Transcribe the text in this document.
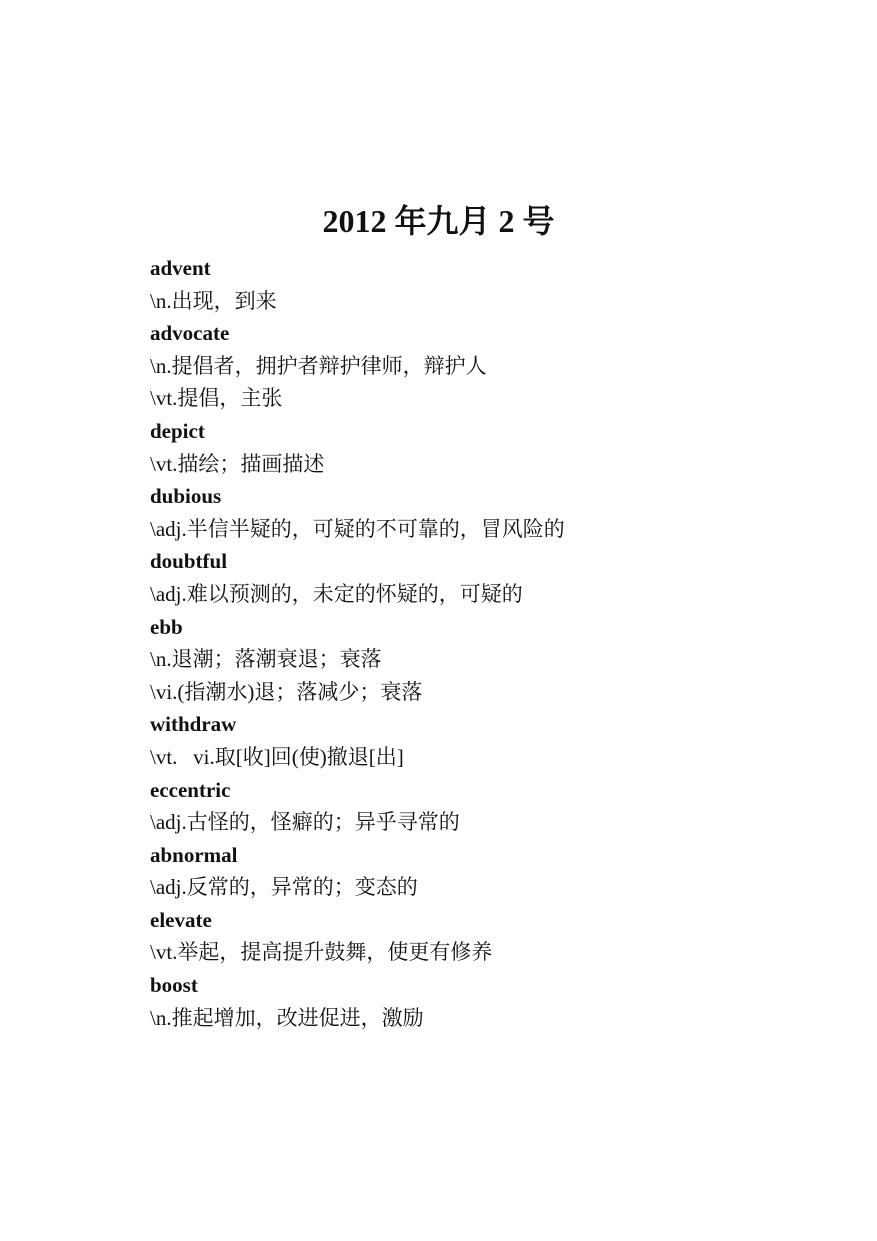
2012 年九月 2 号
advent
\n.出现，到来
advocate
\n.提倡者，拥护者辩护律师，辩护人
\vt.提倡，主张
depict
\vt.描绘；描画描述
dubious
\adj.半信半疑的，可疑的不可靠的，冒风险的
doubtful
\adj.难以预测的，未定的怀疑的，可疑的
ebb
\n.退潮；落潮衰退；衰落
\vi.(指潮水)退；落减少；衰落
withdraw
\vt.   vi.取[收]回(使)撤退[出]
eccentric
\adj.古怪的，怪癖的；异乎寻常的
abnormal
\adj.反常的，异常的；变态的
elevate
\vt.举起，提高提升鼓舞，使更有修养
boost
\n.推起增加，改进促进，激励
